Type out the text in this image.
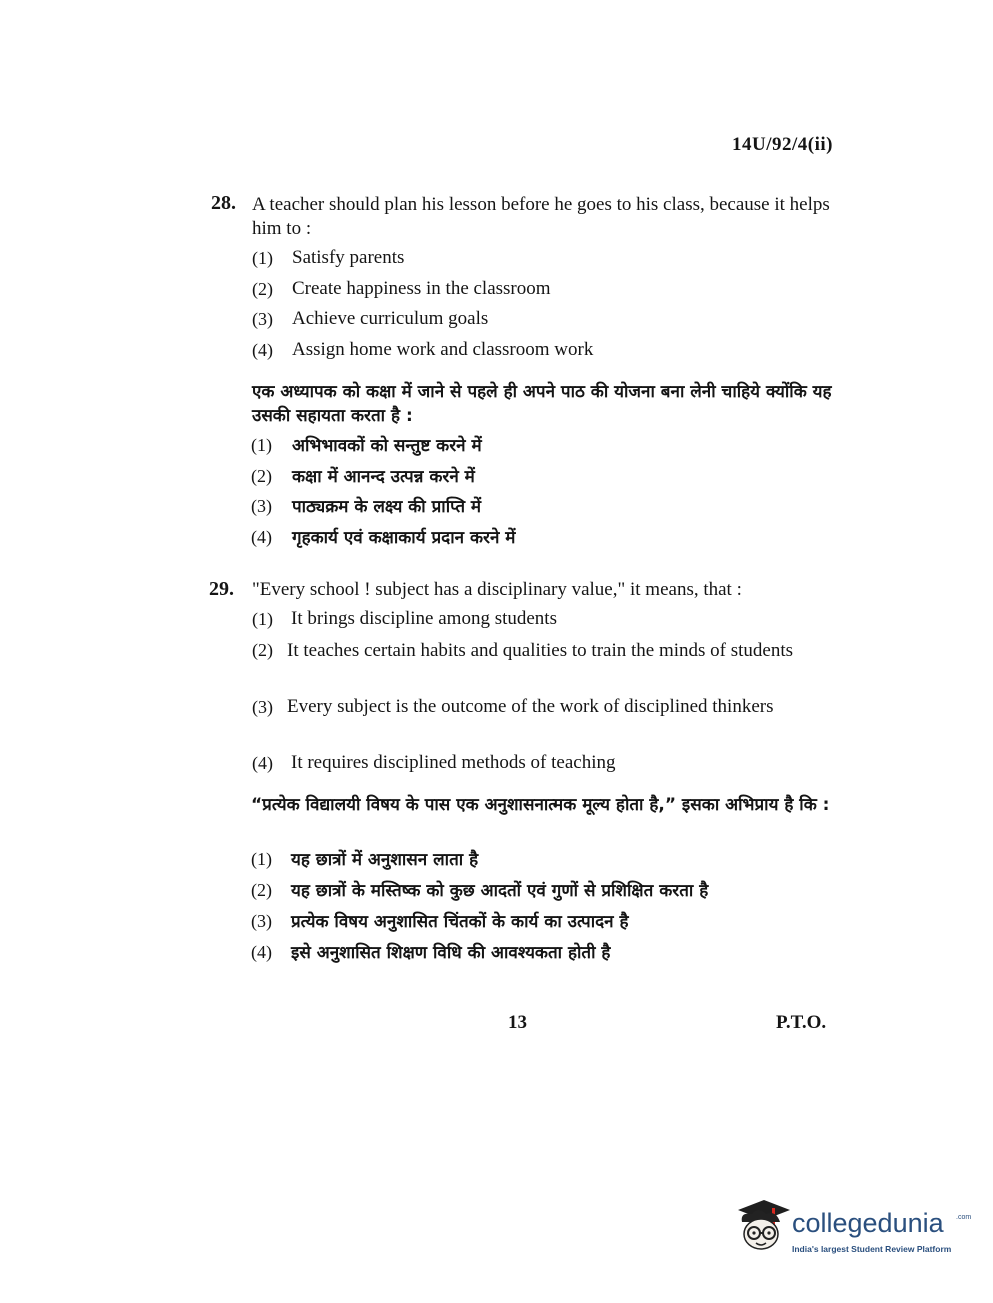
14U/92/4(ii)
28. A teacher should plan his lesson before he goes to his class, because it helps him to :
(1) Satisfy parents
(2) Create happiness in the classroom
(3) Achieve curriculum goals
(4) Assign home work and classroom work
एक अध्यापक को कक्षा में जाने से पहले ही अपने पाठ की योजना बना लेनी चाहिये क्योंकि यह उसकी सहायता करता है :
(1) अभिभावकों को सन्तुष्ट करने में
(2) कक्षा में आनन्द उत्पन्न करने में
(3) पाठ्यक्रम के लक्ष्य की प्राप्ति में
(4) गृहकार्य एवं कक्षाकार्य प्रदान करने में
29. "Every school ! subject has a disciplinary value," it means, that :
(1) It brings discipline among students
(2) It teaches certain habits and qualities to train the minds of students
(3) Every subject is the outcome of the work of disciplined thinkers
(4) It requires disciplined methods of teaching
“प्रत्येक विद्यालयी विषय के पास एक अनुशासनात्मक मूल्य होता है,” इसका अभिप्राय है कि :
(1) यह छात्रों में अनुशासन लाता है
(2) यह छात्रों के मस्तिष्क को कुछ आदतों एवं गुणों से प्रशिक्षित करता है
(3) प्रत्येक विषय अनुशासित चिंतकों के कार्य का उत्पादन है
(4) इसे अनुशासित शिक्षण विधि की आवश्यकता होती है
13	P.T.O.
collegedunia .com
India's largest Student Review Platform
